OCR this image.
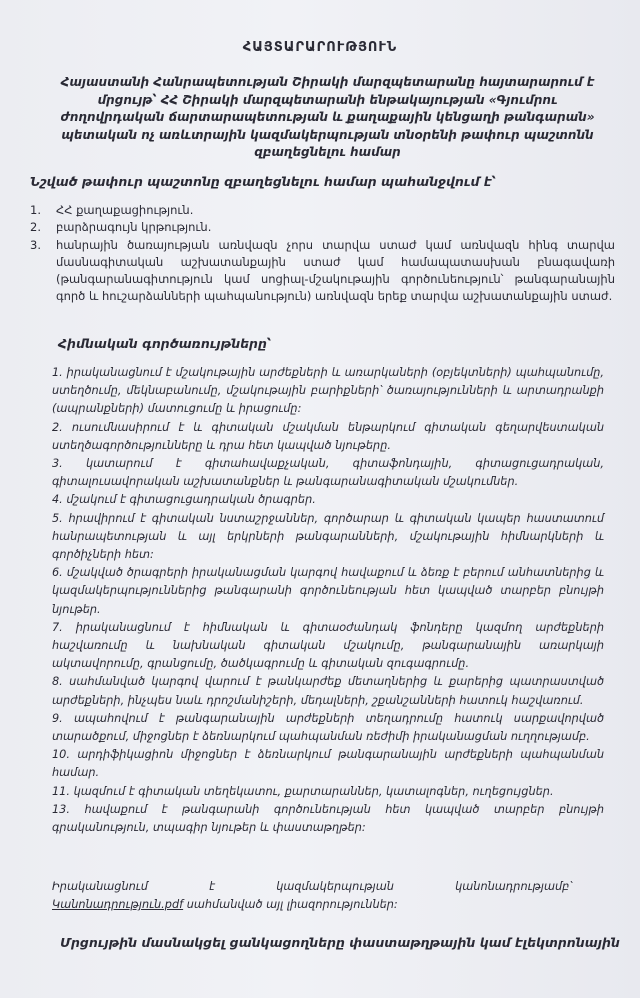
ՀԱՅՏԱՐԱՐՈՒԹՅՈՒՆ
Հայաստանի Հանրապետության Շիրակի մարզպետարանը հայտարարում է մրցույթ՝ ՀՀ Շիրակի մարզպետարանի ենթակայության «Գյումրու ժողովրդական ճարտարապետության և քաղաքային կենցաղի թանգարան» պետական ոչ առևտրային կազմակերպության տնօրենի թափուր պաշտոնն զբաղեցնելու համար
Նշված թափուր պաշտոնը զբաղեցնելու համար պահանջվում է՝
1.	ՀՀ քաղաքացիություն.
2.	բարձրագույն կրթություն.
3.	հանրային ծառայության առնվազն չորս տարվա ստաժ կամ առնվազն հինգ տարվա մասնագիտական աշխատանքային ստաժ կամ համապատասխան բնագավառի (թանգարանագիտություն կամ սոցիալ-մշակութային գործունեություն՝ թանգարանային գործ և հուշարձանների պահպանություն) առնվազն երեք տարվա աշխատանքային ստաժ.
Հիմնական գործառույթները՝
1. իրականացնում է մշակութային արժեքների և առարկաների (օբյեկտների) պահպանումը, ստեղծումը, մեկնաբանումը, մշակութային բարիքների՝ ծառայությունների և արտադրանքի (ապրանքների) մատուցումը և իրացումը:
2. ուսումնասիրում է և գիտական մշակման ենթարկում գիտական գեղարվեստական ստեղծագործությունները և դրա հետ կապված նյութերը.
3. կատարում է գիտահավաքչական, գիտաֆոնդային, գիտացուցադրական, գիտալուսավորական աշխատանքներ և թանգարանագիտական մշակումներ.
4. մշակում է գիտացուցադրական ծրագրեր.
5. հրավիրում է գիտական նստաշրջաններ, գործարար և գիտական կապեր հաստատում հանրապետության և այլ երկրների թանգարանների, մշակութային հիմնարկների և գործիչների հետ:
6. մշակված ծրագրերի իրականացման կարգով հավաքում և ձեռք է բերում անհատներից և կազմակերպություններից թանգարանի գործունեության հետ կապված տարբեր բնույթի նյութեր.
7. իրականացնում է հիմնական և գիտաօժանդակ ֆոնդերը կազմող արժեքների հաշվառումը և նախնական գիտական մշակումը, թանգարանային առարկայի ակտավորումը, գրանցումը, ծածկագրումը և գիտական զուգագրումը.
8. սահմանված կարգով վարում է թանկարժեք մետաղներից և քարերից պատրաստված արժեքների, ինչպես նաև դրոշմանիշերի, մեդալների, շքանշանների հատուկ հաշվառում.
9. ապահովում է թանգարանային արժեքների տեղադրումը հատուկ սարքավորված տարածքում, միջոցներ է ձեռնարկում պահպանման ռեժիմի իրականացման ուղղությամբ.
10. արդիֆիկացիոն միջոցներ է ձեռնարկում թանգարանային արժեքների պահպանման համար.
11. կազմում է գիտական տեղեկատու, քարտարաններ, կատալոգներ, ուղեցույցներ.
13. հավաքում է թանգարանի գործունեության հետ կապված տարբեր բնույթի գրականություն, տպագիր նյութեր և փաստաթղթեր:
Իրականացնում	է	կազմակերպության	կանոնադրությամբ՝
Կանոնադրություն.pdf սահմանված այլ լիազորություններ:
Մրցույթին մասնակցել ցանկացողները փաստաթղթային կամ էլեկտրոնային
